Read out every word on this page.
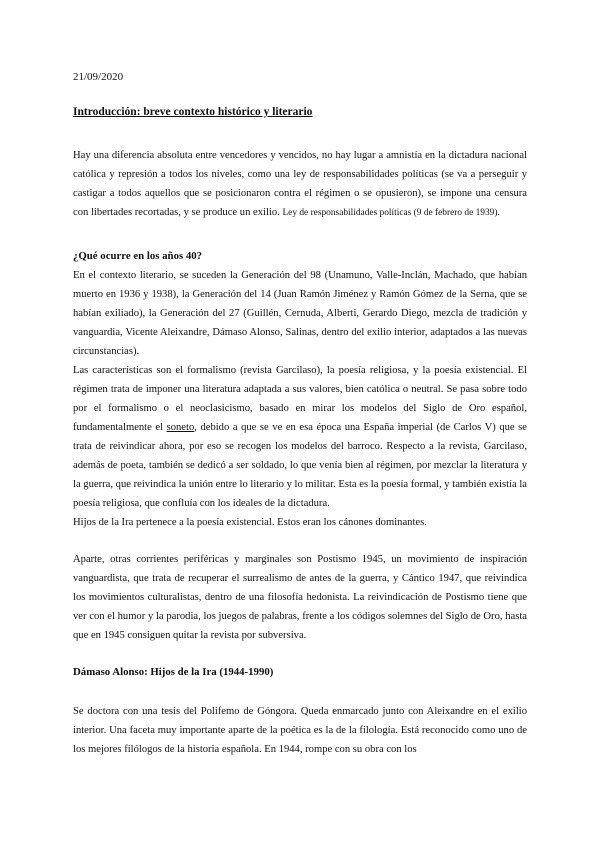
21/09/2020
Introducción: breve contexto histórico y literario

Hay una diferencia absoluta entre vencedores y vencidos, no hay lugar a amnistía en la dictadura nacional católica y represión a todos los niveles, como una ley de responsabilidades políticas (se va a perseguir y castigar a todos aquellos que se posicionaron contra el régimen o se opusieron), se impone una censura con libertades recortadas, y se produce un exilio. Ley de responsabilidades políticas (9 de febrero de 1939).

¿Qué ocurre en los años 40?

En el contexto literario, se suceden la Generación del 98 (Unamuno, Valle-Inclán, Machado, que habían muerto en 1936 y 1938), la Generación del 14 (Juan Ramón Jiménez y Ramón Gómez de la Serna, que se habían exiliado), la Generación del 27 (Guillén, Cernuda, Alberti, Gerardo Diego, mezcla de tradición y vanguardia, Vicente Aleixandre, Dámaso Alonso, Salinas, dentro del exilio interior, adaptados a las nuevas circunstancias).

Las características son el formalismo (revista Garcilaso), la poesía religiosa, y la poesía existencial. El régimen trata de imponer una literatura adaptada a sus valores, bien católica o neutral. Se pasa sobre todo por el formalismo o el neoclasicismo, basado en mirar los modelos del Siglo de Oro español, fundamentalmente el soneto, debido a que se ve en esa época una España imperial (de Carlos V) que se trata de reivindicar ahora, por eso se recogen los modelos del barroco. Respecto a la revista, Garcilaso, además de poeta, también se dedicó a ser soldado, lo que venía bien al régimen, por mezclar la literatura y la guerra, que reivindica la unión entre lo literario y lo militar. Esta es la poesía formal, y también existía la poesía religiosa, que confluía con los ideales de la dictadura.

Hijos de la Ira pertenece a la poesía existencial. Estos eran los cánones dominantes.

Aparte, otras corrientes periféricas y marginales son Postismo 1945, un movimiento de inspiración vanguardista, que trata de recuperar el surrealismo de antes de la guerra, y Cántico 1947, que reivindica los movimientos culturalistas, dentro de una filosofía hedonista. La reivindicación de Postismo tiene que ver con el humor y la parodia, los juegos de palabras, frente a los códigos solemnes del Siglo de Oro, hasta que en 1945 consiguen quitar la revista por subversiva.

Dámaso Alonso: Hijos de la Ira (1944-1990)

Se doctora con una tesis del Polifemo de Góngora. Queda enmarcado junto con Aleixandre en el exilio interior. Una faceta muy importante aparte de la poética es la de la filología. Está reconocido como uno de los mejores filólogos de la historia española. En 1944, rompe con su obra con los
